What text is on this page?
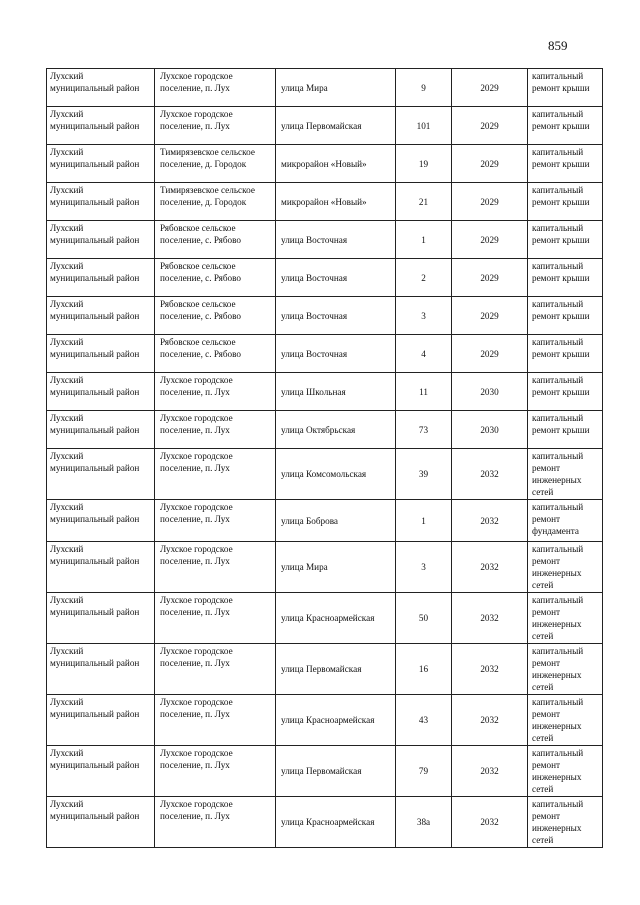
859
Лухский муниципальный район	Лухское городское поселение, п. Лух	улица Мира	9	2029	капитальный ремонт крыши
Лухский муниципальный район	Лухское городское поселение, п. Лух	улица Первомайская	101	2029	капитальный ремонт крыши
Лухский муниципальный район	Тимирязевское сельское поселение, д. Городок	микрорайон «Новый»	19	2029	капитальный ремонт крыши
Лухский муниципальный район	Тимирязевское сельское поселение, д. Городок	микрорайон «Новый»	21	2029	капитальный ремонт крыши
Лухский муниципальный район	Рябовское сельское поселение, с. Рябово	улица Восточная	1	2029	капитальный ремонт крыши
Лухский муниципальный район	Рябовское сельское поселение, с. Рябово	улица Восточная	2	2029	капитальный ремонт крыши
Лухский муниципальный район	Рябовское сельское поселение, с. Рябово	улица Восточная	3	2029	капитальный ремонт крыши
Лухский муниципальный район	Рябовское сельское поселение, с. Рябово	улица Восточная	4	2029	капитальный ремонт крыши
Лухский муниципальный район	Лухское городское поселение, п. Лух	улица Школьная	11	2030	капитальный ремонт крыши
Лухский муниципальный район	Лухское городское поселение, п. Лух	улица Октябрьская	73	2030	капитальный ремонт крыши
Лухский муниципальный район	Лухское городское поселение, п. Лух	улица Комсомольская	39	2032	капитальный ремонт инженерных сетей
Лухский муниципальный район	Лухское городское поселение, п. Лух	улица Боброва	1	2032	капитальный ремонт фундамента
Лухский муниципальный район	Лухское городское поселение, п. Лух	улица Мира	3	2032	капитальный ремонт инженерных сетей
Лухский муниципальный район	Лухское городское поселение, п. Лух	улица Красноармейская	50	2032	капитальный ремонт инженерных сетей
Лухский муниципальный район	Лухское городское поселение, п. Лух	улица Первомайская	16	2032	капитальный ремонт инженерных сетей
Лухский муниципальный район	Лухское городское поселение, п. Лух	улица Красноармейская	43	2032	капитальный ремонт инженерных сетей
Лухский муниципальный район	Лухское городское поселение, п. Лух	улица Первомайская	79	2032	капитальный ремонт инженерных сетей
Лухский муниципальный район	Лухское городское поселение, п. Лух	улица Красноармейская	38а	2032	капитальный ремонт инженерных сетей
